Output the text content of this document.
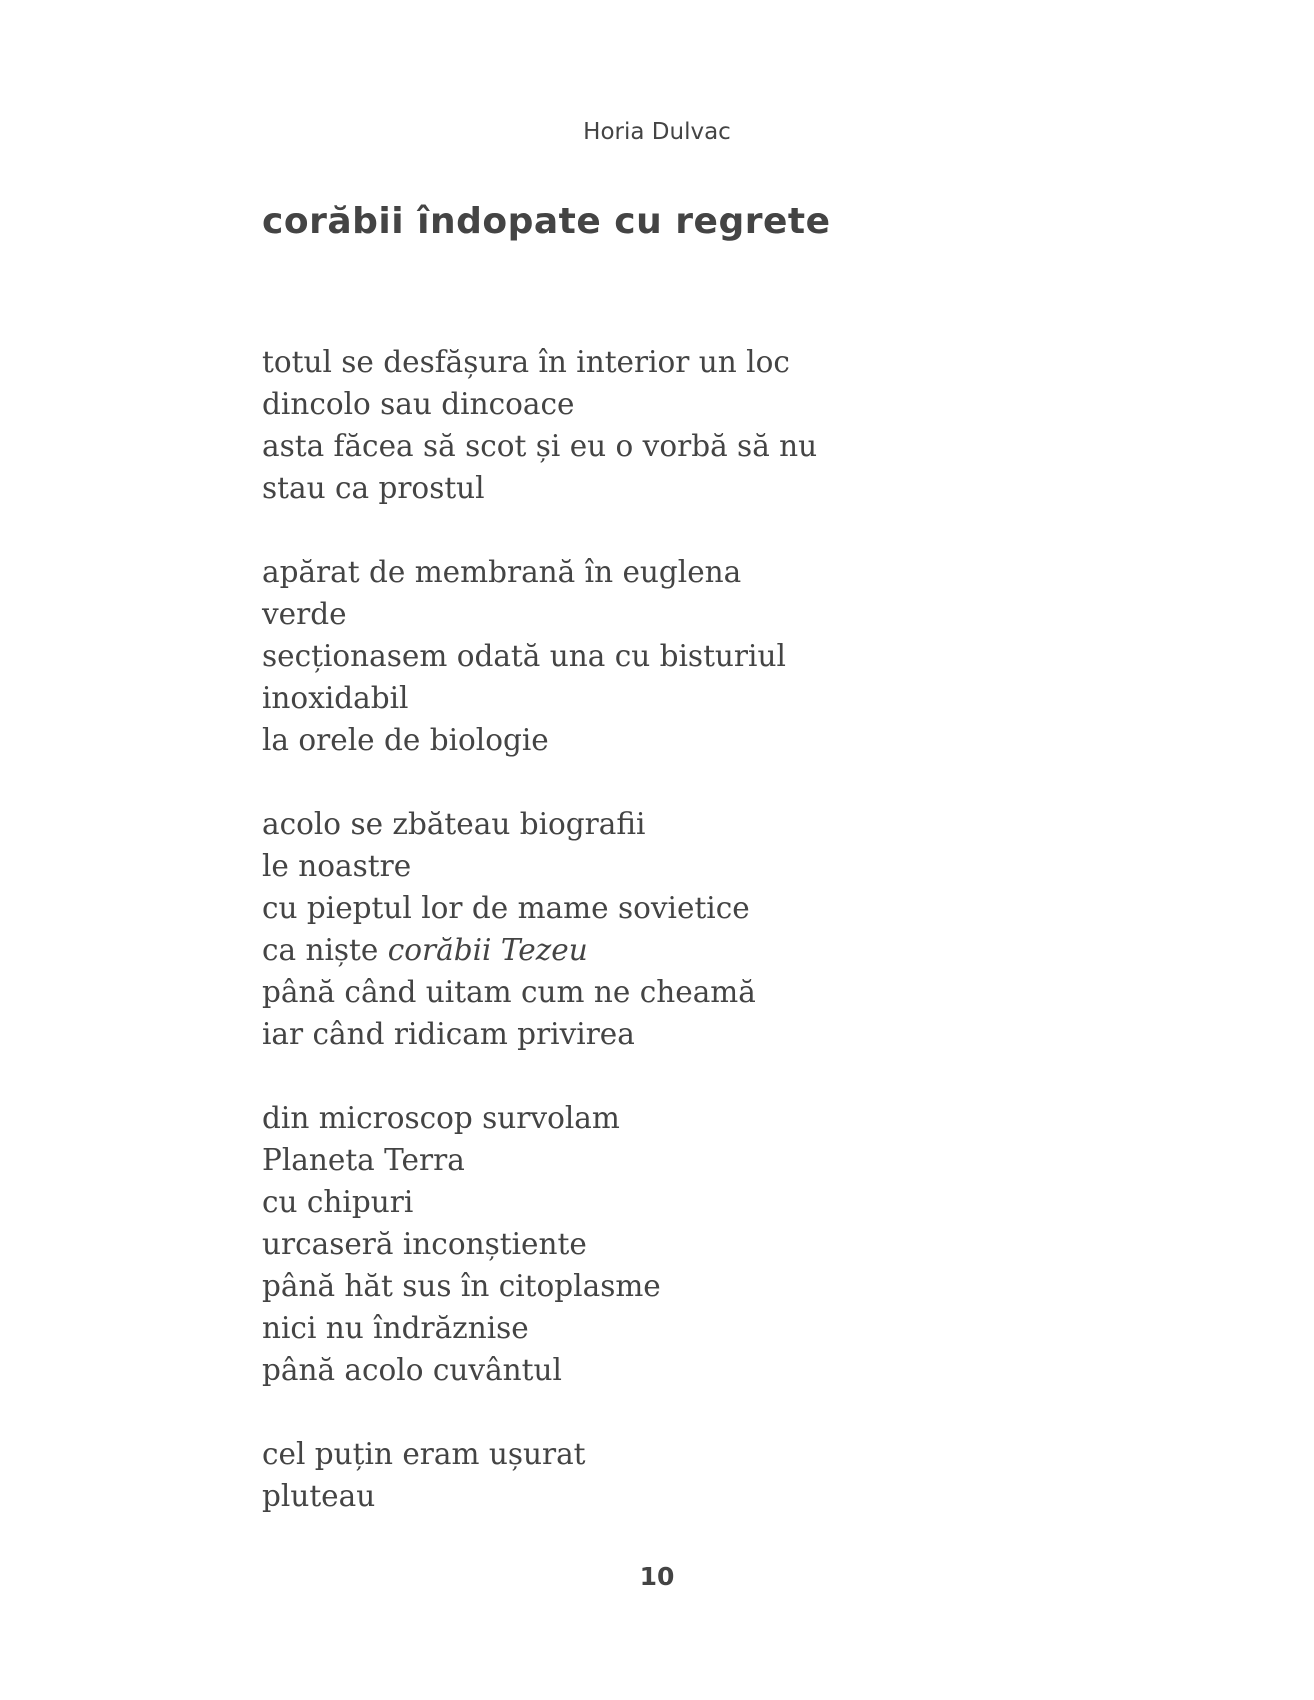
Horia Dulvac
corăbii îndopate cu regrete
totul se desfășura în interior un loc
dincolo sau dincoace
asta făcea să scot și eu o vorbă să nu
stau ca prostul
apărat de membrană în euglena
verde
secționasem odată una cu bisturiul
inoxidabil
la orele de biologie
acolo se zbăteau biografii
le noastre
cu pieptul lor de mame sovietice
ca niște corăbii Tezeu
până când uitam cum ne cheamă
iar când ridicam privirea
din microscop survolam
Planeta Terra
cu chipuri
urcaseră inconștiente
până hăt sus în citoplasme
nici nu îndrăznise
până acolo cuvântul
cel puțin eram ușurat
pluteau
10
